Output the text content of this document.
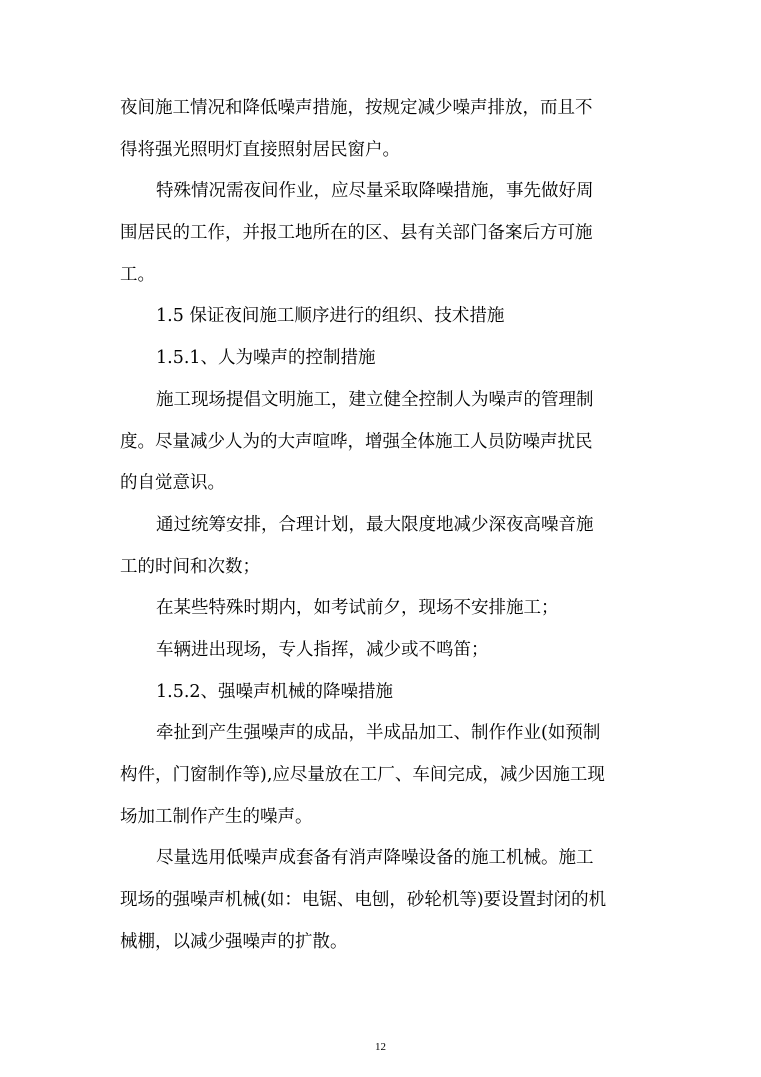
夜间施工情况和降低噪声措施，按规定减少噪声排放，而且不
得将强光照明灯直接照射居民窗户。
特殊情况需夜间作业，应尽量采取降噪措施，事先做好周
围居民的工作，并报工地所在的区、县有关部门备案后方可施
工。
1.5 保证夜间施工顺序进行的组织、技术措施
1.5.1、人为噪声的控制措施
施工现场提倡文明施工，建立健全控制人为噪声的管理制
度。尽量减少人为的大声喧哗，增强全体施工人员防噪声扰民
的自觉意识。
通过统筹安排，合理计划，最大限度地减少深夜高噪音施
工的时间和次数；
在某些特殊时期内，如考试前夕，现场不安排施工；
车辆进出现场，专人指挥，减少或不鸣笛；
1.5.2、强噪声机械的降噪措施
牵扯到产生强噪声的成品，半成品加工、制作作业(如预制
构件，门窗制作等),应尽量放在工厂、车间完成，减少因施工现
场加工制作产生的噪声。
尽量选用低噪声成套备有消声降噪设备的施工机械。施工
现场的强噪声机械(如：电锯、电刨，砂轮机等)要设置封闭的机
械棚，以减少强噪声的扩散。
12
